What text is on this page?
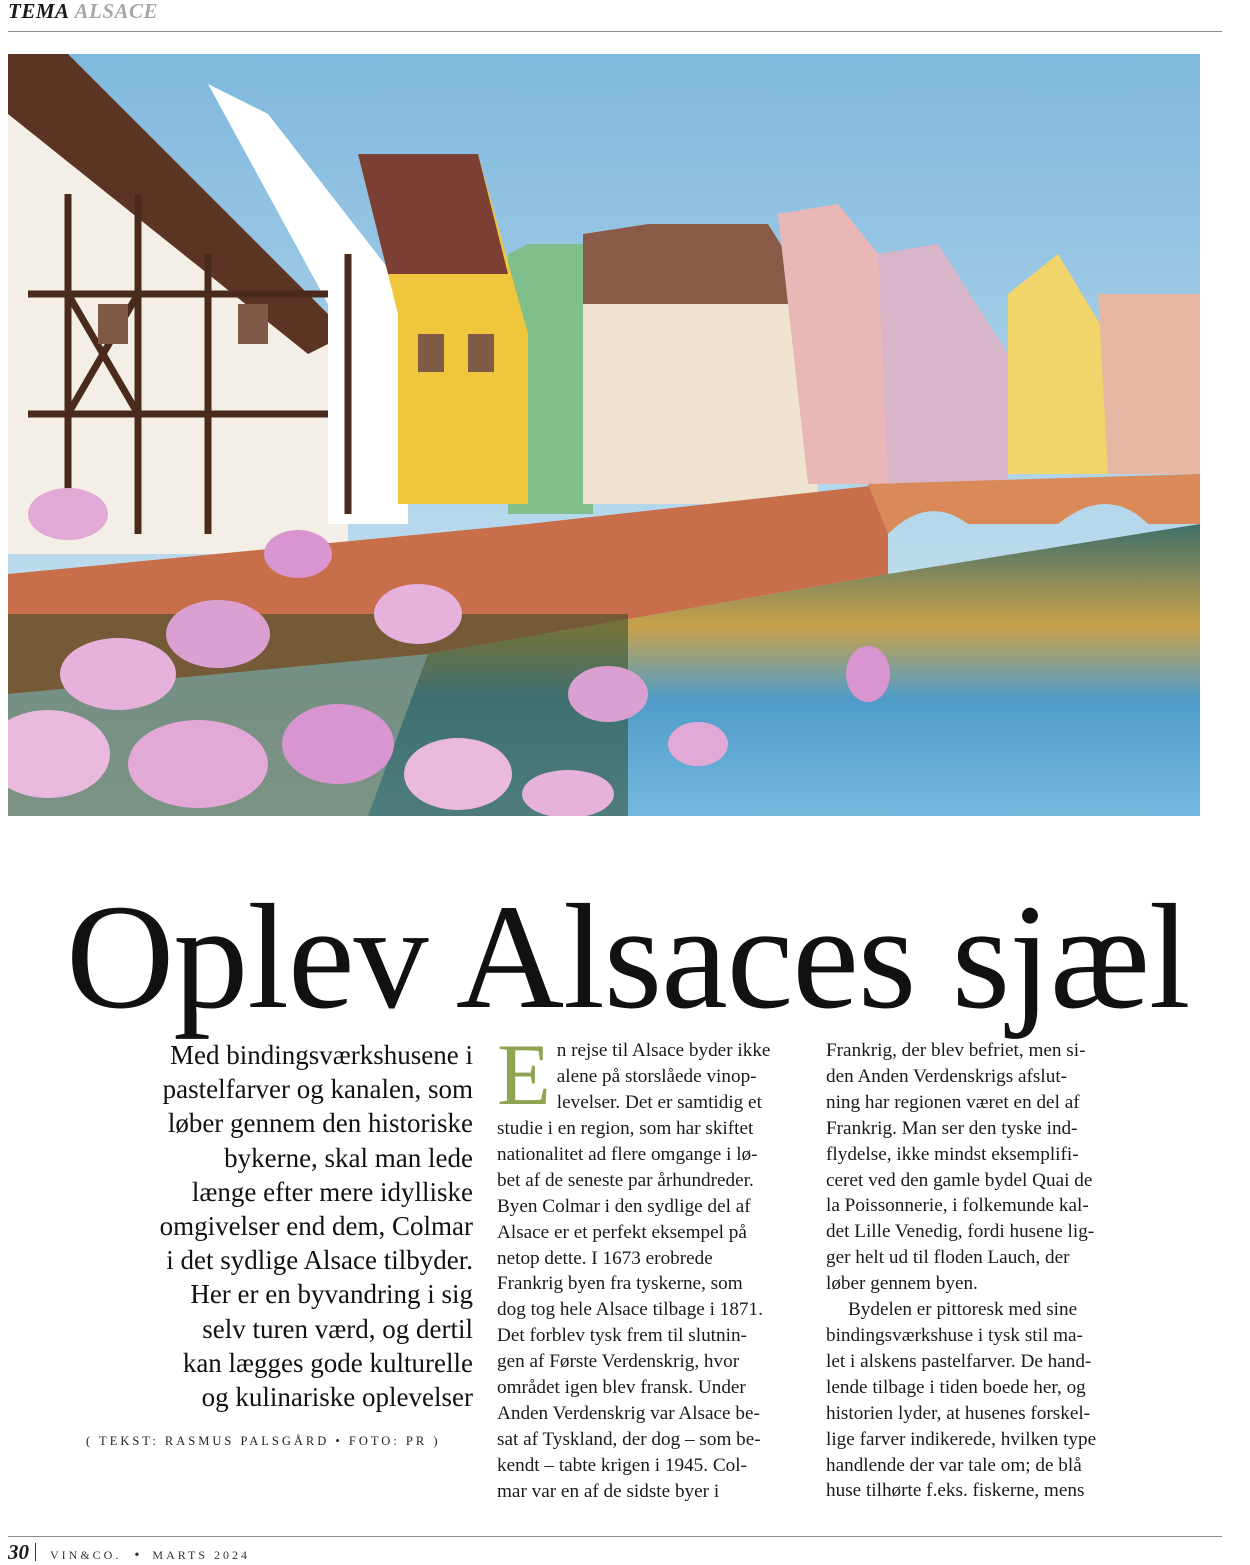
TEMA ALSACE
Oplev Alsaces sjæl
Med bindingsværkshusene i
pastelfarver og kanalen, som
løber gennem den historiske
bykerne, skal man lede
længe efter mere idylliske
omgivelser end dem, Colmar
i det sydlige Alsace tilbyder.
Her er en byvandring i sig
selv turen værd, og dertil
kan lægges gode kulturelle
og kulinariske oplevelser
( TEKST: RASMUS PALSGÅRD • FOTO: PR )
E n rejse til Alsace byder ikke
alene på storslåede vinop-
levelser. Det er samtidig et
studie i en region, som har skiftet
nationalitet ad flere omgange i lø-
bet af de seneste par århundreder.
Byen Colmar i den sydlige del af
Alsace er et perfekt eksempel på
netop dette. I 1673 erobrede
Frankrig byen fra tyskerne, som
dog tog hele Alsace tilbage i 1871.
Det forblev tysk frem til slutnin-
gen af Første Verdenskrig, hvor
området igen blev fransk. Under
Anden Verdenskrig var Alsace be-
sat af Tyskland, der dog – som be-
kendt – tabte krigen i 1945. Col-
mar var en af de sidste byer i

Frankrig, der blev befriet, men si-
den Anden Verdenskrigs afslut-
ning har regionen været en del af
Frankrig. Man ser den tyske ind-
flydelse, ikke mindst eksemplifi-
ceret ved den gamle bydel Quai de
la Poissonnerie, i folkemunde kal-
det Lille Venedig, fordi husene lig-
ger helt ud til floden Lauch, der
løber gennem byen.

Bydelen er pittoresk med sine
bindingsværkshuse i tysk stil ma-
let i alskens pastelfarver. De hand-
lende tilbage i tiden boede her, og
historien lyder, at husenes forskel-
lige farver indikerede, hvilken type
handlende der var tale om; de blå
huse tilhørte f.eks. fiskerne, mens

30 VIN&CO. • MARTS 2024
